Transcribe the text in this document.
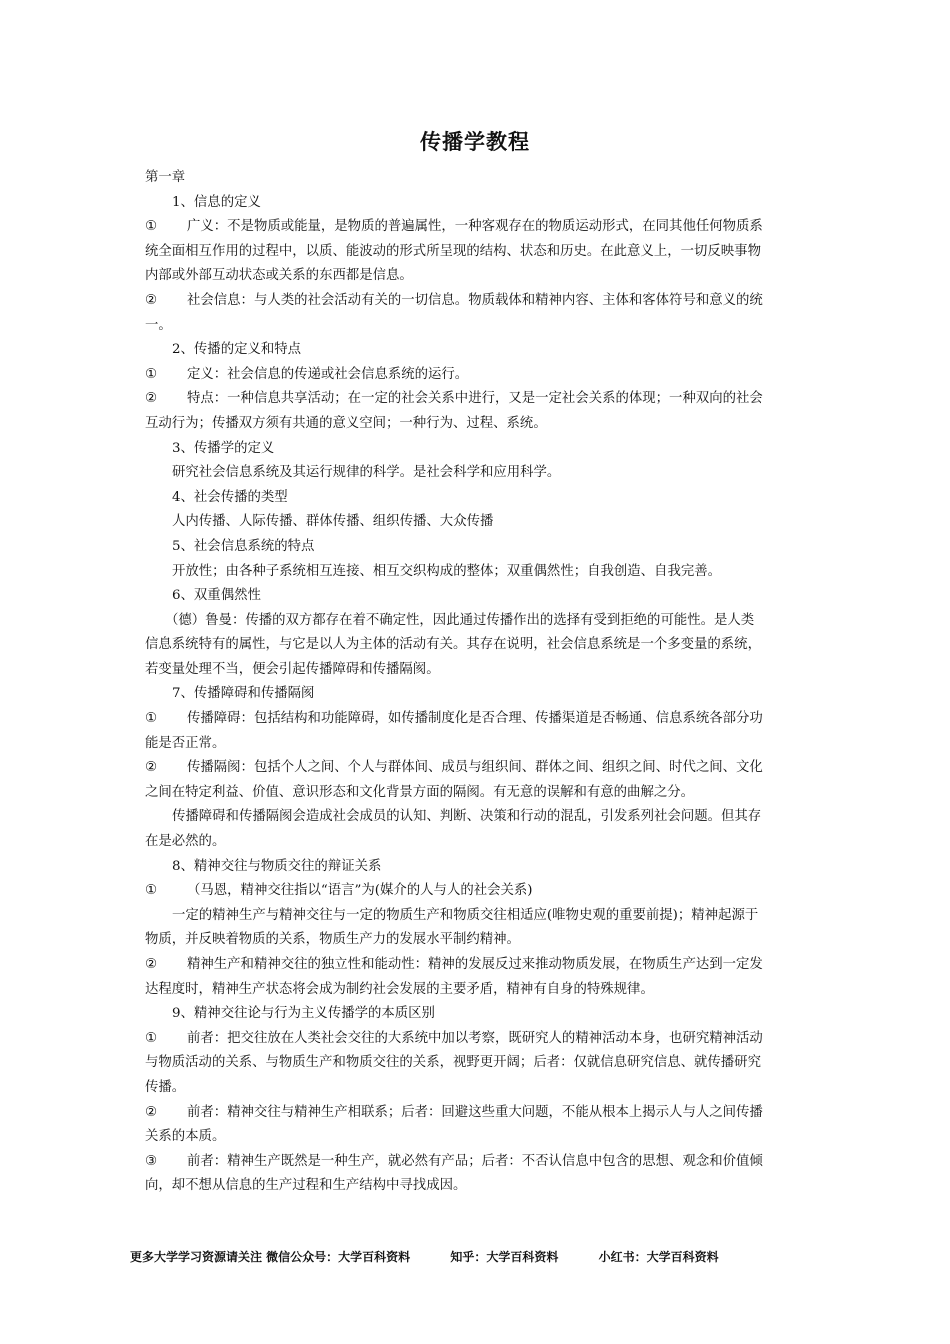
传播学教程
第一章
1、信息的定义
① 广义：不是物质或能量，是物质的普遍属性，一种客观存在的物质运动形式，在同其他任何物质系
统全面相互作用的过程中，以质、能波动的形式所呈现的结构、状态和历史。在此意义上，一切反映事物
内部或外部互动状态或关系的东西都是信息。
② 社会信息：与人类的社会活动有关的一切信息。物质载体和精神内容、主体和客体符号和意义的统
一。
2、传播的定义和特点
① 定义：社会信息的传递或社会信息系统的运行。
② 特点：一种信息共享活动；在一定的社会关系中进行，又是一定社会关系的体现；一种双向的社会
互动行为；传播双方须有共通的意义空间；一种行为、过程、系统。
3、传播学的定义
研究社会信息系统及其运行规律的科学。是社会科学和应用科学。
4、社会传播的类型
人内传播、人际传播、群体传播、组织传播、大众传播
5、社会信息系统的特点
开放性；由各种子系统相互连接、相互交织构成的整体；双重偶然性；自我创造、自我完善。
6、双重偶然性
（德）鲁曼：传播的双方都存在着不确定性，因此通过传播作出的选择有受到拒绝的可能性。是人类
信息系统特有的属性，与它是以人为主体的活动有关。其存在说明，社会信息系统是一个多变量的系统，
若变量处理不当，便会引起传播障碍和传播隔阂。
7、传播障碍和传播隔阂
① 传播障碍：包括结构和功能障碍，如传播制度化是否合理、传播渠道是否畅通、信息系统各部分功
能是否正常。
② 传播隔阂：包括个人之间、个人与群体间、成员与组织间、群体之间、组织之间、时代之间、文化
之间在特定利益、价值、意识形态和文化背景方面的隔阂。有无意的误解和有意的曲解之分。
传播障碍和传播隔阂会造成社会成员的认知、判断、决策和行动的混乱，引发系列社会问题。但其存
在是必然的。
8、精神交往与物质交往的辩证关系
① （马恩，精神交往指以“语言”为(媒介的人与人的社会关系)
一定的精神生产与精神交往与一定的物质生产和物质交往相适应(唯物史观的重要前提)；精神起源于
物质，并反映着物质的关系，物质生产力的发展水平制约精神。
② 精神生产和精神交往的独立性和能动性：精神的发展反过来推动物质发展，在物质生产达到一定发
达程度时，精神生产状态将会成为制约社会发展的主要矛盾，精神有自身的特殊规律。
9、精神交往论与行为主义传播学的本质区别
① 前者：把交往放在人类社会交往的大系统中加以考察，既研究人的精神活动本身，也研究精神活动
与物质活动的关系、与物质生产和物质交往的关系，视野更开阔；后者：仅就信息研究信息、就传播研究
传播。
② 前者：精神交往与精神生产相联系；后者：回避这些重大问题，不能从根本上揭示人与人之间传播
关系的本质。
③ 前者：精神生产既然是一种生产，就必然有产品；后者：不否认信息中包含的思想、观念和价值倾
向，却不想从信息的生产过程和生产结构中寻找成因。
更多大学学习资源请关注 微信公众号：大学百科资料	知乎：大学百科资料	小红书：大学百科资料
